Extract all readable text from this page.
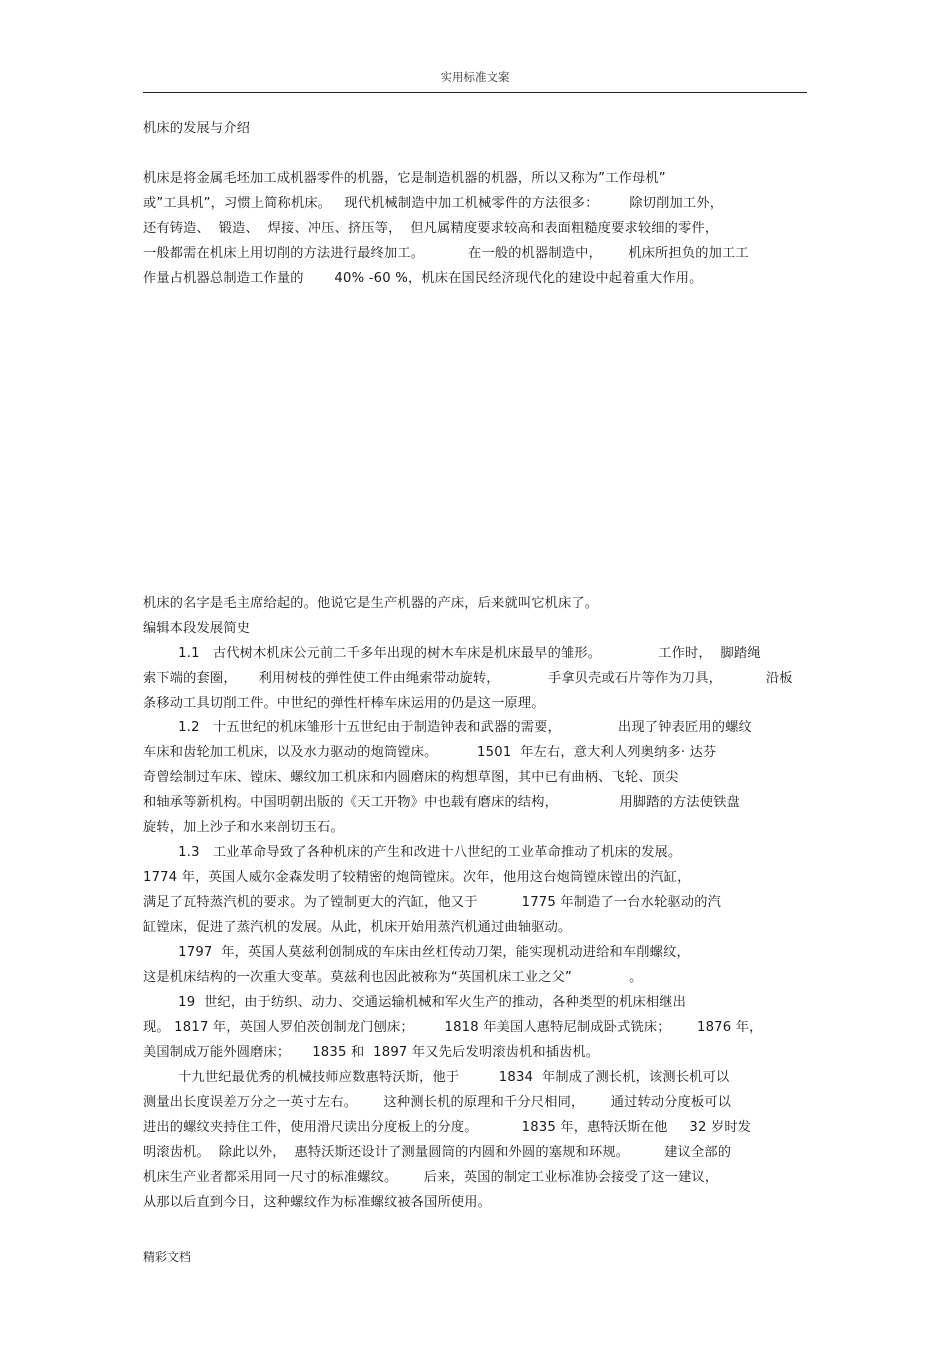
实用标准文案
机床的发展与介绍
机床是将金属毛坯加工成机器零件的机器，它是制造机器的机器，所以又称为”工作母机”
或”工具机”，习惯上简称机床。   现代机械制造中加工机械零件的方法很多：       除切削加工外，
还有铸造、  锻造、  焊接、冲压、挤压等，  但凡属精度要求较高和表面粗糙度要求较细的零件，
一般都需在机床上用切削的方法进行最终加工。          在一般的机器制造中，      机床所担负的加工工
作量占机器总制造工作量的       40% -60 %，机床在国民经济现代化的建设中起着重大作用。
机床的名字是毛主席给起的。他说它是生产机器的产床，后来就叫它机床了。
编辑本段发展简史
1.1   古代树木机床公元前二千多年出现的树木车床是机床最早的雏形。             工作时，  脚踏绳
索下端的套圈，     利用树枝的弹性使工件由绳索带动旋转，           手拿贝壳或石片等作为刀具，          沿板
条移动工具切削工件。中世纪的弹性杆棒车床运用的仍是这一原理。
1.2   十五世纪的机床雏形十五世纪由于制造钟表和武器的需要，             出现了钟表匠用的螺纹
车床和齿轮加工机床，以及水力驱动的炮筒镗床。         1501  年左右，意大利人列奥纳多· 达芬
奇曾绘制过车床、镗床、螺纹加工机床和内圆磨床的构想草图，其中已有曲柄、飞轮、顶尖
和轴承等新机构。中国明朝出版的《天工开物》中也载有磨床的结构，              用脚踏的方法使铁盘
旋转，加上沙子和水来剖切玉石。
1.3   工业革命导致了各种机床的产生和改进十八世纪的工业革命推动了机床的发展。
1774 年，英国人威尔金森发明了较精密的炮筒镗床。次年，他用这台炮筒镗床镗出的汽缸，
满足了瓦特蒸汽机的要求。为了镗制更大的汽缸，他又于          1775 年制造了一台水轮驱动的汽
缸镗床，促进了蒸汽机的发展。从此，机床开始用蒸汽机通过曲轴驱动。
1797  年，英国人莫兹利创制成的车床由丝杠传动刀架，能实现机动进给和车削螺纹，
这是机床结构的一次重大变革。莫兹利也因此被称为“英国机床工业之父”             。
19  世纪，由于纺织、动力、交通运输机械和军火生产的推动，各种类型的机床相继出
现。 1817 年，英国人罗伯茨创制龙门刨床；       1818 年美国人惠特尼制成卧式铣床；      1876 年，
美国制成万能外圆磨床；     1835 和  1897 年又先后发明滚齿机和插齿机。
十九世纪最优秀的机械技师应数惠特沃斯，他于         1834  年制成了测长机，该测长机可以
测量出长度误差万分之一英寸左右。      这种测长机的原理和千分尺相同，      通过转动分度板可以
进出的螺纹夹持住工件，使用滑尺读出分度板上的分度。          1835 年，惠特沃斯在他     32 岁时发
明滚齿机。  除此以外，  惠特沃斯还设计了测量圆筒的内圆和外圆的塞规和环规。        建议全部的
机床生产业者都采用同一尺寸的标准螺纹。      后来，英国的制定工业标准协会接受了这一建议，
从那以后直到今日，这种螺纹作为标准螺纹被各国所使用。
精彩文档
